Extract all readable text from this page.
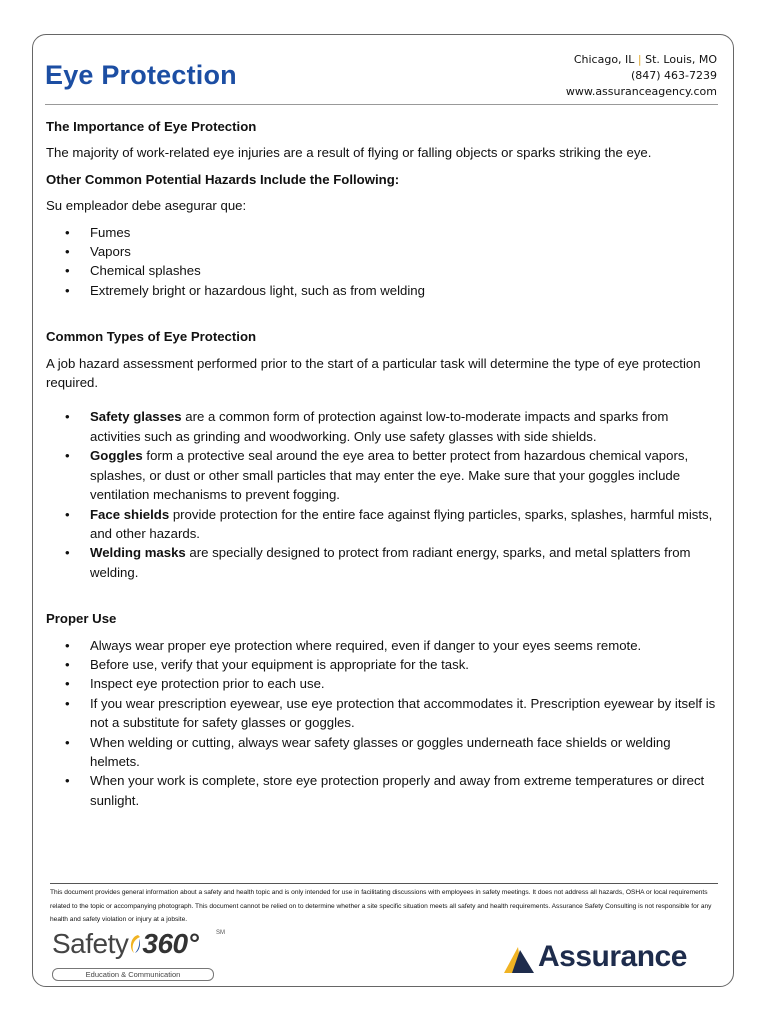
Eye Protection
Chicago, IL | St. Louis, MO
(847) 463-7239
www.assuranceagency.com
The Importance of Eye Protection

The majority of work-related eye injuries are a result of flying or falling objects or sparks striking the eye.

Other Common Potential Hazards Include the Following:

Su empleador debe asegurar que:

• Fumes
• Vapors
• Chemical splashes
• Extremely bright or hazardous light, such as from welding
Common Types of Eye Protection

A job hazard assessment performed prior to the start of a particular task will determine the type of eye protection required.

• Safety glasses are a common form of protection against low-to-moderate impacts and sparks from activities such as grinding and woodworking. Only use safety glasses with side shields.
• Goggles form a protective seal around the eye area to better protect from hazardous chemical vapors, splashes, or dust or other small particles that may enter the eye. Make sure that your goggles include ventilation mechanisms to prevent fogging.
• Face shields provide protection for the entire face against flying particles, sparks, splashes, harmful mists, and other hazards.
• Welding masks are specially designed to protect from radiant energy, sparks, and metal splatters from welding.
Proper Use
• Always wear proper eye protection where required, even if danger to your eyes seems remote.
• Before use, verify that your equipment is appropriate for the task.
• Inspect eye protection prior to each use.
• If you wear prescription eyewear, use eye protection that accommodates it. Prescription eyewear by itself is not a substitute for safety glasses or goggles.
• When welding or cutting, always wear safety glasses or goggles underneath face shields or welding helmets.
• When your work is complete, store eye protection properly and away from extreme temperatures or direct sunlight.
This document provides general information about a safety and health topic and is only intended for use in facilitating discussions with employees in safety meetings. It does not address all hazards, OSHA or local requirements related to the topic or accompanying photograph. This document cannot be relied on to determine whether a site specific situation meets all safety and health requirements. Assurance Safety Consulting is not responsible for any health and safety violation or injury at a jobsite.
Safety 360°	SM
Education & Communication
Assurance
